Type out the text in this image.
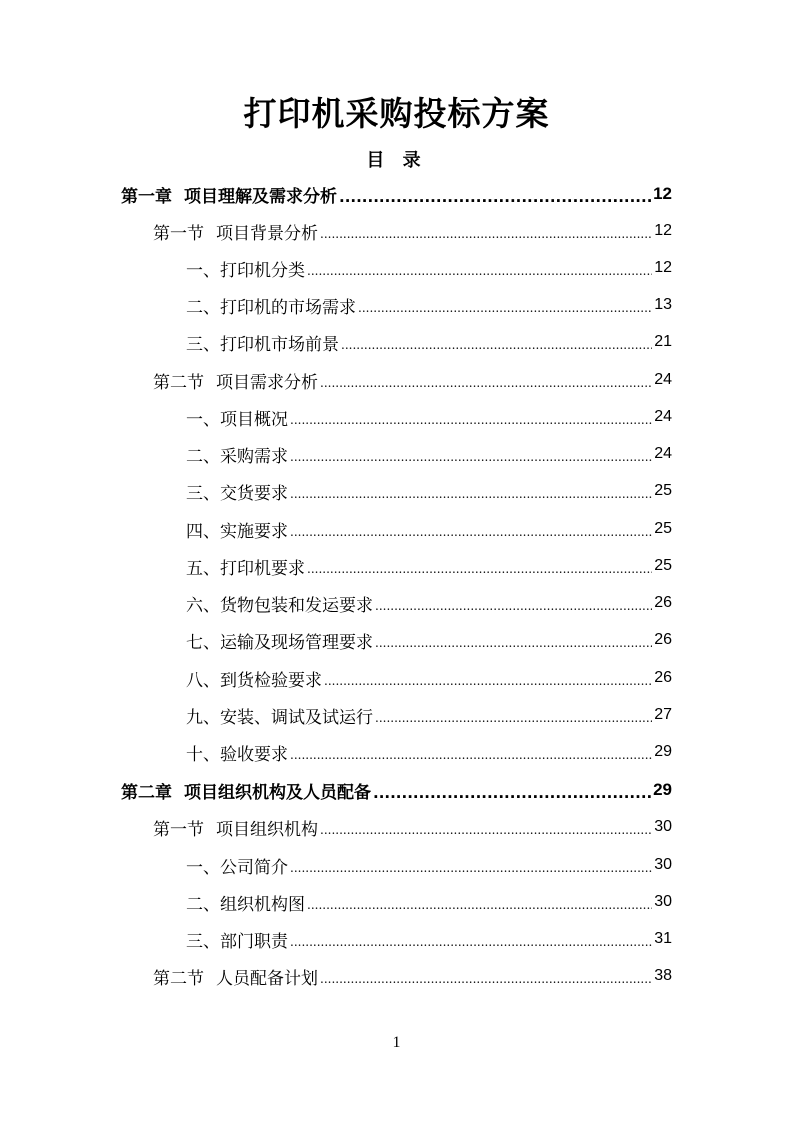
打印机采购投标方案
目 录
第一章 项目理解及需求分析 .....	12
第一节 项目背景分析 .....	12
一、打印机分类 .....	12
二、打印机的市场需求 .....	13
三、打印机市场前景 .....	21
第二节 项目需求分析 .....	24
一、项目概况 .....	24
二、采购需求 .....	24
三、交货要求 .....	25
四、实施要求 .....	25
五、打印机要求 .....	25
六、货物包装和发运要求 .....	26
七、运输及现场管理要求 .....	26
八、到货检验要求 .....	26
九、安装、调试及试运行 .....	27
十、验收要求 .....	29
第二章 项目组织机构及人员配备 .....	29
第一节 项目组织机构 .....	30
一、公司简介 .....	30
二、组织机构图 .....	30
三、部门职责 .....	31
第二节 人员配备计划 .....	38
1
